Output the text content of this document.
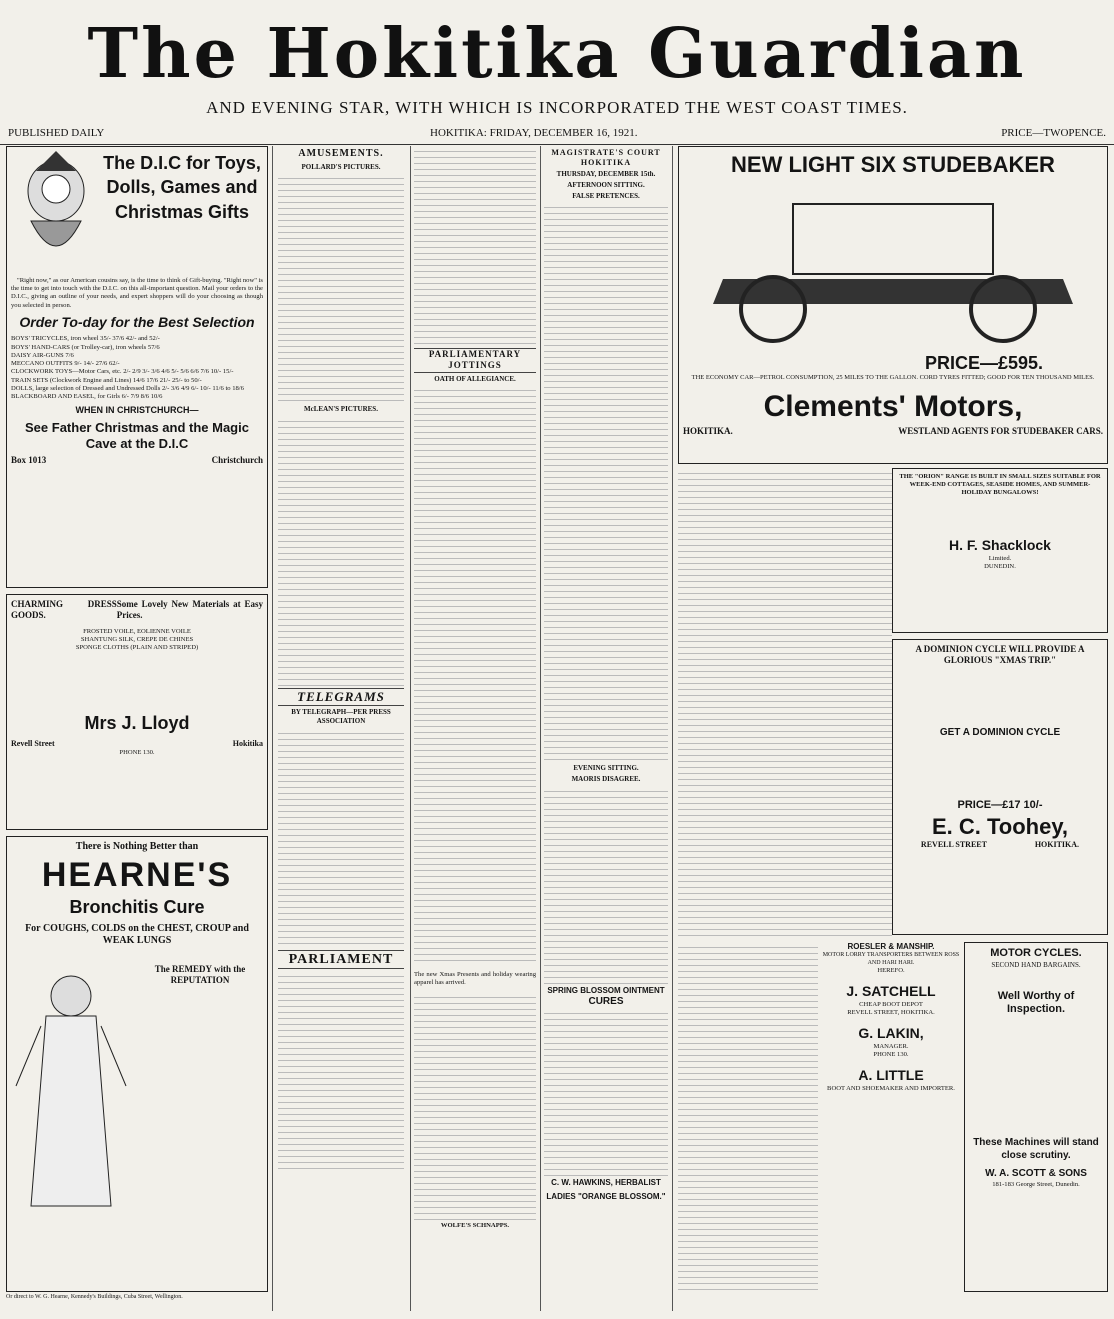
The Hokitika Guardian
AND EVENING STAR, WITH WHICH IS INCORPORATED THE WEST COAST TIMES.
PUBLISHED DAILY	HOKITIKA: FRIDAY, DECEMBER 16, 1921.	PRICE—TWOPENCE.
The D.I.C for Toys, Dolls, Games and Christmas Gifts

"Right now," as our American cousins say, is the time to think of Gift-buying. "Right now" is the time to get into touch with the D.I.C. on this all-important question. Mail your orders to the D.I.C., giving an outline of your needs, and expert shoppers will do your choosing as though you selected in person.

Order To-day for the Best Selection
BOYS' TRICYCLES, iron wheel 35/- 37/6 42/- and 52/-
BOYS' HAND-CARS (or Trolley-car), iron wheels 57/6
DAISY AIR-GUNS 7/6
MECCANO OUTFITS 9/- 14/- 27/6 62/-
CLOCKWORK TOYS—Motor Cars, etc. 2/- 2/9 3/- 3/6 4/6 5/- 5/6 6/6 7/6 10/- 15/-
TRAIN SETS (Clockwork Engine and Lines) 14/6 17/6 21/- 25/- to 50/-
DOLLS, large selection of Dressed and Undressed Dolls 2/- 3/6 4/9 6/- 10/- 11/6 to 18/6
BLACKBOARD AND EASEL, for Girls 6/- 7/9 8/6 10/6
WHEN IN CHRISTCHURCH—
See Father Christmas and the Magic Cave at the D.I.C
Box 1013	Christchurch
CHARMING DRESS GOODS.
Some Lovely New Materials at Easy Prices.
FROSTED VOILE, EOLIENNE VOILE
SHANTUNG SILK, CREPE DE CHINES
SPONGE CLOTHS (PLAIN AND STRIPED)
Mrs J. Lloyd
Revell Street	Hokitika
PHONE 130.
There is Nothing Better than
HEARNE'S
Bronchitis Cure
For COUGHS, COLDS on the CHEST, CROUP and WEAK LUNGS
The REMEDY with the REPUTATION
Or direct to W. G. Hearne, Kennedy's Buildings, Cuba Street, Wellington.
AMUSEMENTS.
POLLARD'S PICTURES.
McLEAN'S PICTURES.
TELEGRAMS
BY TELEGRAPH—PER PRESS ASSOCIATION
PARLIAMENT
PARLIAMENTARY JOTTINGS
OATH OF ALLEGIANCE.
The new Xmas Presents and holiday wearing apparel has arrived.
WOLFE'S SCHNAPPS.
MAGISTRATE'S COURT HOKITIKA
THURSDAY, DECEMBER 15th.
AFTERNOON SITTING.
FALSE PRETENCES.
EVENING SITTING.
MAORIS DISAGREE.
SPRING BLOSSOM OINTMENT
CURES
C. W. HAWKINS, HERBALIST
LADIES "ORANGE BLOSSOM."
NEW LIGHT SIX STUDEBAKER
PRICE—£595.
THE ECONOMY CAR—PETROL CONSUMPTION, 25 MILES TO THE GALLON. CORD TYRES FITTED; GOOD FOR TEN THOUSAND MILES.
Clements' Motors,
HOKITIKA.	WESTLAND AGENTS FOR STUDEBAKER CARS.
THE "ORION" RANGE IS BUILT IN SMALL SIZES SUITABLE FOR WEEK-END COTTAGES, SEASIDE HOMES, AND SUMMER-HOLIDAY BUNGALOWS!
H. F. Shacklock
Limited.
DUNEDIN.
A DOMINION CYCLE WILL PROVIDE A GLORIOUS "XMAS TRIP."
GET A DOMINION CYCLE
PRICE—£17 10/-
E. C. Toohey,
REVELL STREET	HOKITIKA.
ROESLER & MANSHIP.
MOTOR LORRY TRANSPORTERS BETWEEN ROSS AND HARI HARI.
HEREFO.
J. SATCHELL
CHEAP BOOT DEPOT
REVELL STREET, HOKITIKA.
G. LAKIN,
MANAGER.
PHONE 130.
A. LITTLE
BOOT AND SHOEMAKER AND IMPORTER.
MOTOR CYCLES.
SECOND HAND BARGAINS.
Well Worthy of Inspection.
These Machines will stand close scrutiny.
W. A. SCOTT & SONS
181-183 George Street, Dunedin.
